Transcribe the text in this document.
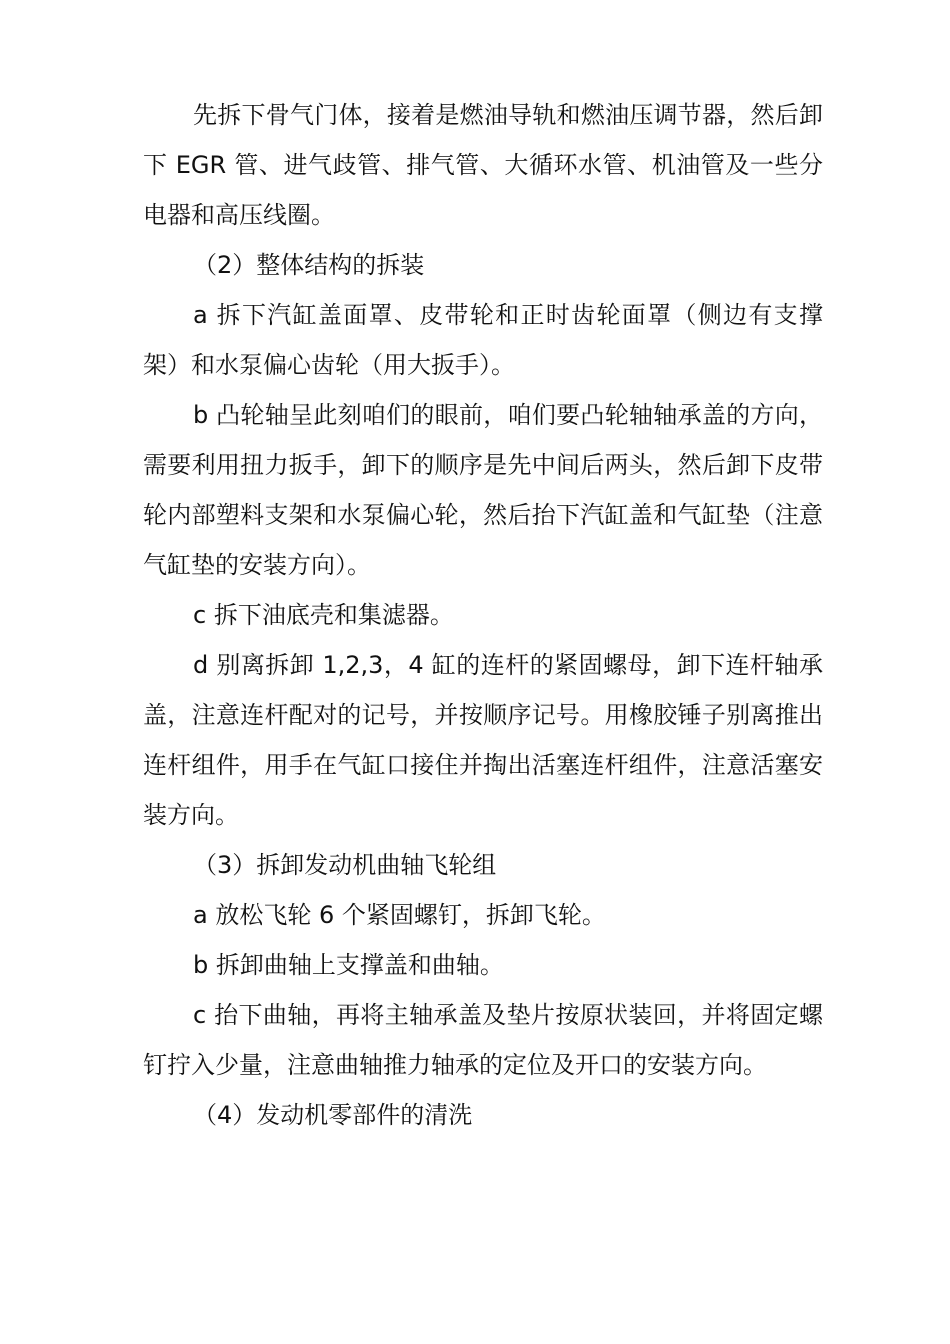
先拆下骨气门体，接着是燃油导轨和燃油压调节器，然后卸下 EGR 管、进气歧管、排气管、大循环水管、机油管及一些分电器和高压线圈。

（2）整体结构的拆装

a 拆下汽缸盖面罩、皮带轮和正时齿轮面罩（侧边有支撑架）和水泵偏心齿轮（用大扳手）。

b 凸轮轴呈此刻咱们的眼前，咱们要凸轮轴轴承盖的方向，需要利用扭力扳手，卸下的顺序是先中间后两头，然后卸下皮带轮内部塑料支架和水泵偏心轮，然后抬下汽缸盖和气缸垫（注意气缸垫的安装方向）。

c 拆下油底壳和集滤器。

d 别离拆卸 1,2,3，4 缸的连杆的紧固螺母，卸下连杆轴承盖，注意连杆配对的记号，并按顺序记号。用橡胶锤子别离推出连杆组件，用手在气缸口接住并掏出活塞连杆组件，注意活塞安装方向。

（3）拆卸发动机曲轴飞轮组

a 放松飞轮 6 个紧固螺钉，拆卸飞轮。

b 拆卸曲轴上支撑盖和曲轴。

c 抬下曲轴，再将主轴承盖及垫片按原状装回，并将固定螺钉拧入少量，注意曲轴推力轴承的定位及开口的安装方向。

（4）发动机零部件的清洗
